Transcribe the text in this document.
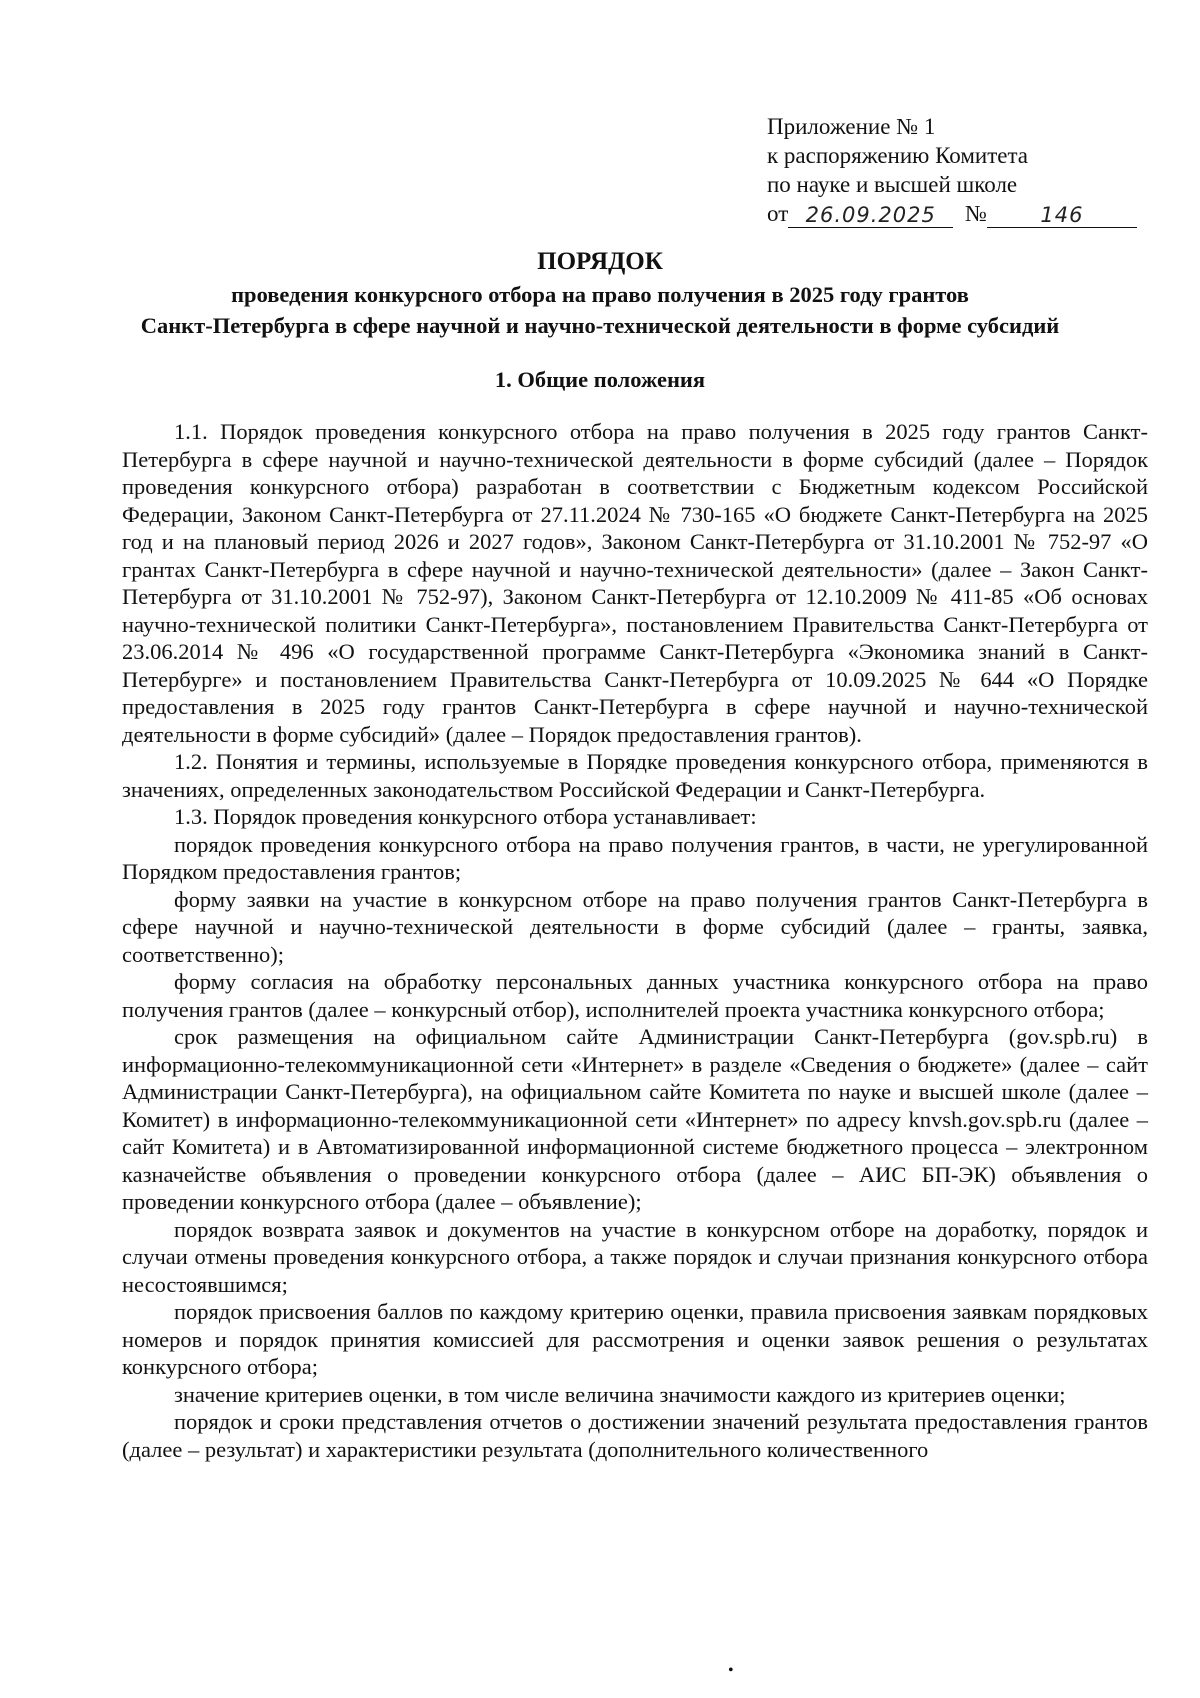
Приложение № 1
к распоряжению Комитета
по науке и высшей школе
от 26.09.2025 №	146
ПОРЯДОК
проведения конкурсного отбора на право получения в 2025 году грантов
Санкт-Петербурга в сфере научной и научно-технической деятельности в форме субсидий
1. Общие положения

1.1. Порядок проведения конкурсного отбора на право получения в 2025 году грантов Санкт-Петербурга в сфере научной и научно-технической деятельности в форме субсидий (далее – Порядок проведения конкурсного отбора) разработан в соответствии с Бюджетным кодексом Российской Федерации, Законом Санкт-Петербурга от 27.11.2024 № 730-165 «О бюджете Санкт-Петербурга на 2025 год и на плановый период 2026 и 2027 годов», Законом Санкт-Петербурга от 31.10.2001 № 752-97 «О грантах Санкт-Петербурга в сфере научной и научно-технической деятельности» (далее – Закон Санкт-Петербурга от 31.10.2001 № 752-97), Законом Санкт-Петербурга от 12.10.2009 № 411-85 «Об основах научно-технической политики Санкт-Петербурга», постановлением Правительства Санкт-Петербурга от 23.06.2014 № 496 «О государственной программе Санкт-Петербурга «Экономика знаний в Санкт-Петербурге» и постановлением Правительства Санкт-Петербурга от 10.09.2025 № 644 «О Порядке предоставления в 2025 году грантов Санкт-Петербурга в сфере научной и научно-технической деятельности в форме субсидий» (далее – Порядок предоставления грантов).

1.2. Понятия и термины, используемые в Порядке проведения конкурсного отбора, применяются в значениях, определенных законодательством Российской Федерации и Санкт-Петербурга.

1.3. Порядок проведения конкурсного отбора устанавливает:

порядок проведения конкурсного отбора на право получения грантов, в части, не урегулированной Порядком предоставления грантов;

форму заявки на участие в конкурсном отборе на право получения грантов Санкт-Петербурга в сфере научной и научно-технической деятельности в форме субсидий (далее – гранты, заявка, соответственно);

форму согласия на обработку персональных данных участника конкурсного отбора на право получения грантов (далее – конкурсный отбор), исполнителей проекта участника конкурсного отбора;

срок размещения на официальном сайте Администрации Санкт-Петербурга (gov.spb.ru) в информационно-телекоммуникационной сети «Интернет» в разделе «Сведения о бюджете» (далее – сайт Администрации Санкт-Петербурга), на официальном сайте Комитета по науке и высшей школе (далее – Комитет) в информационно-телекоммуникационной сети «Интернет» по адресу knvsh.gov.spb.ru (далее – сайт Комитета) и в Автоматизированной информационной системе бюджетного процесса – электронном казначействе объявления о проведении конкурсного отбора (далее – АИС БП-ЭК) объявления о проведении конкурсного отбора (далее – объявление);

порядок возврата заявок и документов на участие в конкурсном отборе на доработку, порядок и случаи отмены проведения конкурсного отбора, а также порядок и случаи признания конкурсного отбора несостоявшимся;

порядок присвоения баллов по каждому критерию оценки, правила присвоения заявкам порядковых номеров и порядок принятия комиссией для рассмотрения и оценки заявок решения о результатах конкурсного отбора;

значение критериев оценки, в том числе величина значимости каждого из критериев оценки;

порядок и сроки представления отчетов о достижении значений результата предоставления грантов (далее – результат) и характеристики результата (дополнительного количественного

•
